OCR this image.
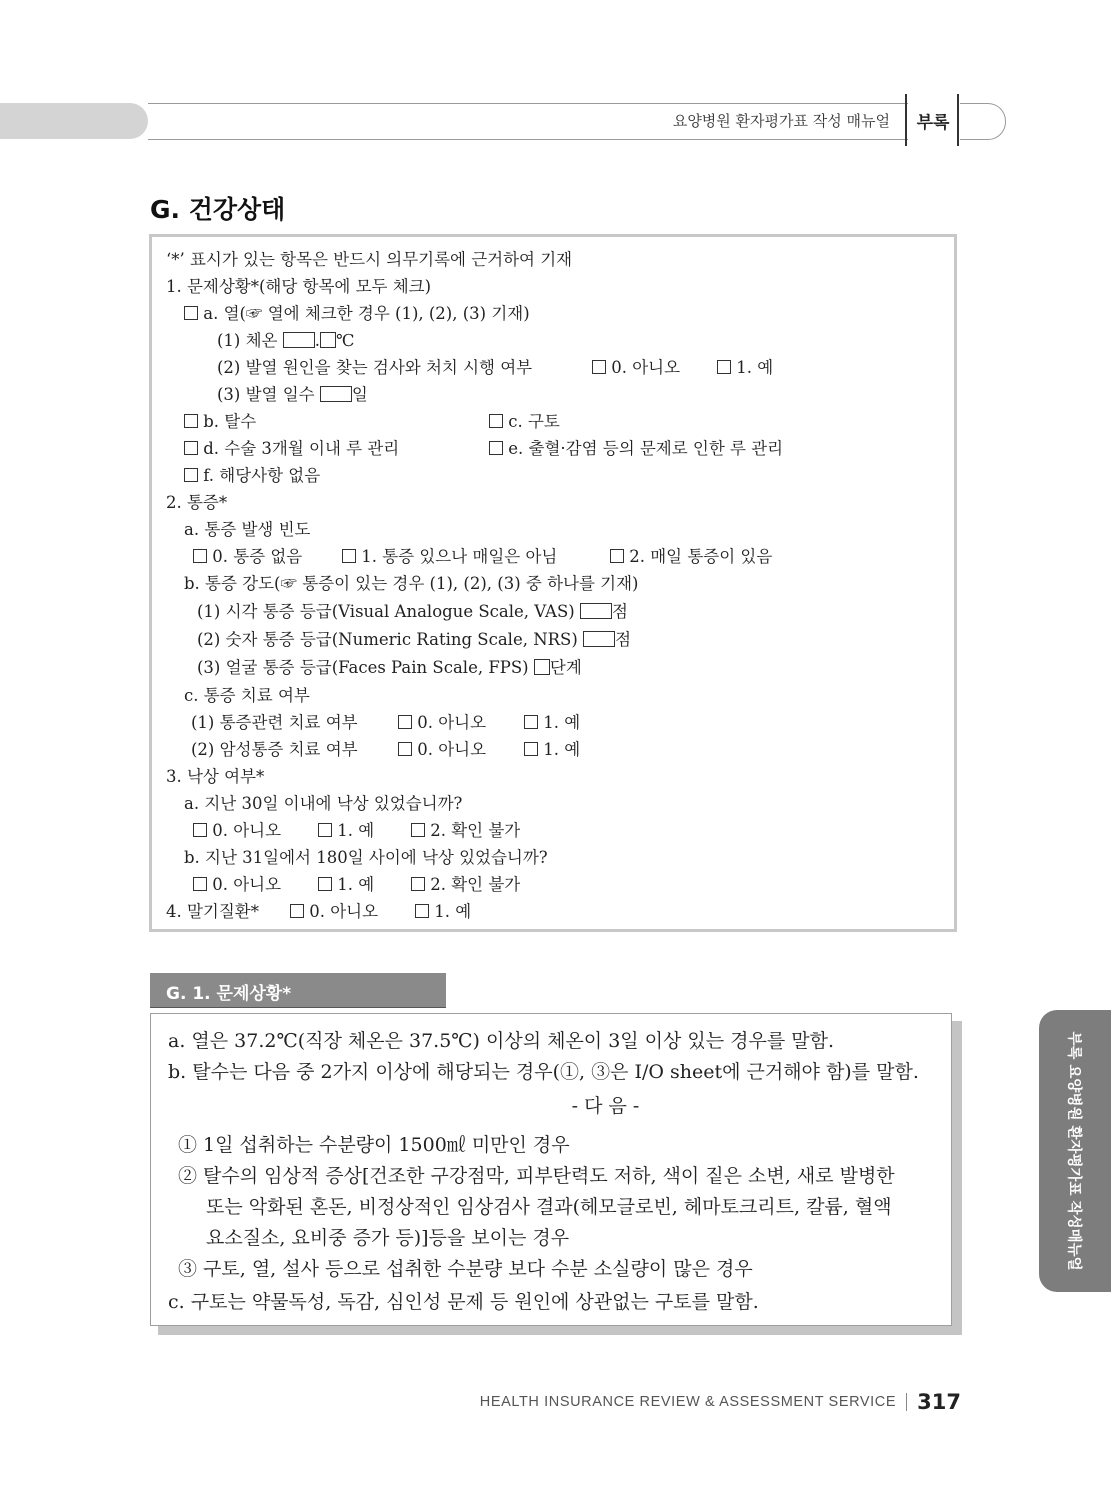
요양병원 환자평가표 작성 매뉴얼	부록
G. 건강상태
‘*’ 표시가 있는 항목은 반드시 의무기록에 근거하여 기재
1. 문제상황*(해당 항목에 모두 체크)
a. 열(☞ 열에 체크한 경우 (1), (2), (3) 기재)
(1) 체온 . ℃
(2) 발열 원인을 찾는 검사와 처치 시행 여부	0. 아니오	1. 예
(3) 발열 일수 일
b. 탈수	c. 구토
d. 수술 3개월 이내 루 관리	e. 출혈·감염 등의 문제로 인한 루 관리
f. 해당사항 없음
2. 통증*
a. 통증 발생 빈도
0. 통증 없음	1. 통증 있으나 매일은 아님	2. 매일 통증이 있음
b. 통증 강도(☞ 통증이 있는 경우 (1), (2), (3) 중 하나를 기재)
(1) 시각 통증 등급(Visual Analogue Scale, VAS) 점
(2) 숫자 통증 등급(Numeric Rating Scale, NRS) 점
(3) 얼굴 통증 등급(Faces Pain Scale, FPS) 단계
c. 통증 치료 여부
(1) 통증관련 치료 여부	0. 아니오	1. 예
(2) 암성통증 치료 여부	0. 아니오	1. 예
3. 낙상 여부*
a. 지난 30일 이내에 낙상 있었습니까?
0. 아니오	1. 예	2. 확인 불가
b. 지난 31일에서 180일 사이에 낙상 있었습니까?
0. 아니오	1. 예	2. 확인 불가
4. 말기질환*	0. 아니오	1. 예
G. 1. 문제상황*
a. 열은 37.2℃(직장 체온은 37.5℃) 이상의 체온이 3일 이상 있는 경우를 말함.
b. 탈수는 다음 중 2가지 이상에 해당되는 경우(①, ③은 I/O sheet에 근거해야 함)를 말함.
- 다 음 -
① 1일 섭취하는 수분량이 1500㎖ 미만인 경우
② 탈수의 임상적 증상[건조한 구강점막, 피부탄력도 저하, 색이 짙은 소변, 새로 발병한
또는 악화된 혼돈, 비정상적인 임상검사 결과(헤모글로빈, 헤마토크리트, 칼륨, 혈액
요소질소, 요비중 증가 등)]등을 보이는 경우
③ 구토, 열, 설사 등으로 섭취한 수분량 보다 수분 소실량이 많은 경우
c. 구토는 약물독성, 독감, 심인성 문제 등 원인에 상관없는 구토를 말함.
부록 요양병원 환자평가표 작성매뉴얼
HEALTH INSURANCE REVIEW & ASSESSMENT SERVICE 317
